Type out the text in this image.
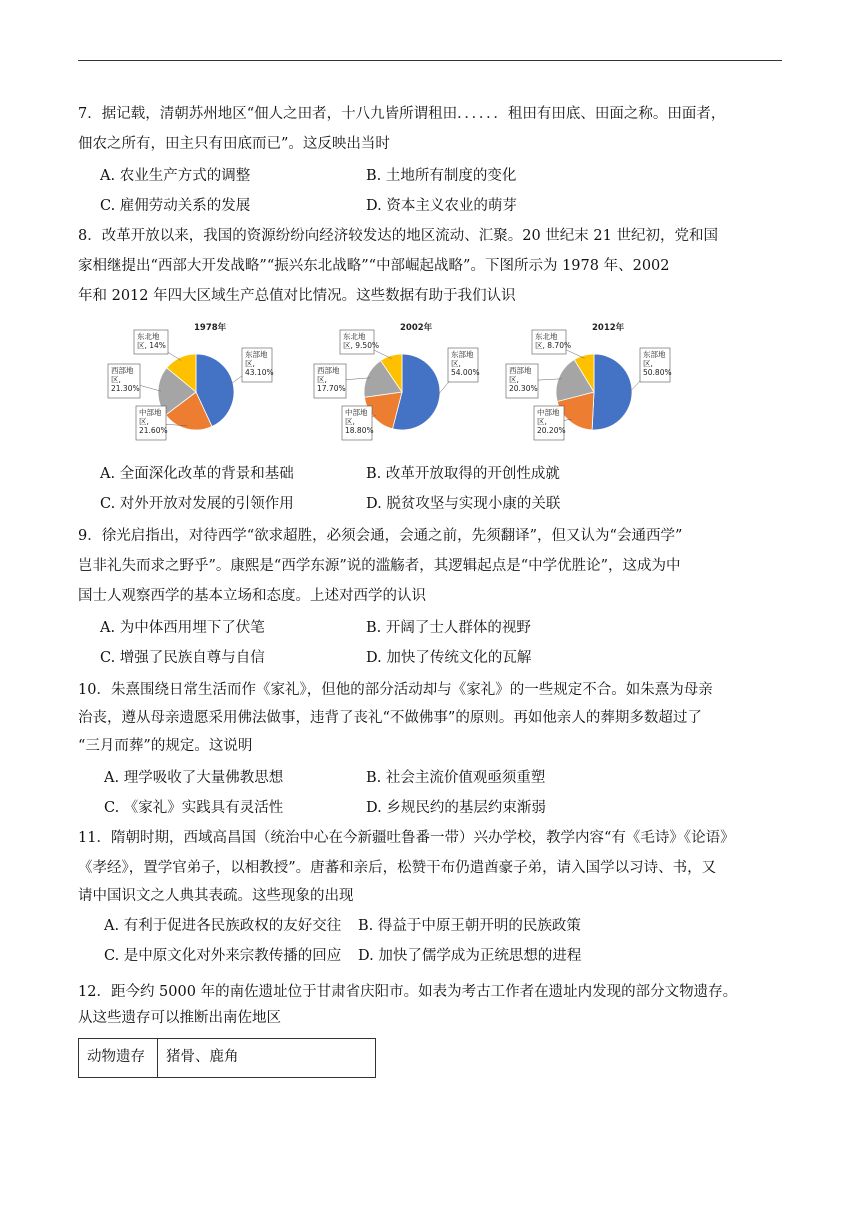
7．据记载，清朝苏州地区“佃人之田者，十八九皆所谓租田．．．．．．租田有田底、田面之称。田面者，
佃农之所有，田主只有田底而已”。这反映出当时
A. 农业生产方式的调整	B. 土地所有制度的变化
C. 雇佣劳动关系的发展	D. 资本主义农业的萌芽
8．改革开放以来，我国的资源纷纷向经济较发达的地区流动、汇聚。20 世纪末 21 世纪初，党和国
家相继提出“西部大开发战略”“振兴东北战略”“中部崛起战略”。下图所示为 1978 年、2002
年和 2012 年四大区域生产总值对比情况。这些数据有助于我们认识
1978年
东部地
区,
43.10%
中部地
区,
21.60%
西部地
区,
21.30%
东北地
区, 14%
2002年
东部地
区,
54.00%
中部地
区,
18.80%
西部地
区,
17.70%
东北地
区, 9.50%
2012年
东部地
区,
50.80%
中部地
区,
20.20%
西部地
区,
20.30%
东北地
区, 8.70%
A. 全面深化改革的背景和基础	B. 改革开放取得的开创性成就
C. 对外开放对发展的引领作用	D. 脱贫攻坚与实现小康的关联
9．徐光启指出，对待西学“欲求超胜，必须会通，会通之前，先须翻译”，但又认为“会通西学”
岂非礼失而求之野乎”。康熙是“西学东源”说的滥觞者，其逻辑起点是“中学优胜论”，这成为中
国士人观察西学的基本立场和态度。上述对西学的认识
A. 为中体西用埋下了伏笔	B. 开阔了士人群体的视野
C. 增强了民族自尊与自信	D. 加快了传统文化的瓦解
10．朱熹围绕日常生活而作《家礼》，但他的部分活动却与《家礼》的一些规定不合。如朱熹为母亲
治丧，遵从母亲遗愿采用佛法做事，违背了丧礼“不做佛事”的原则。再如他亲人的葬期多数超过了
“三月而葬”的规定。这说明
A. 理学吸收了大量佛教思想	B. 社会主流价值观亟须重塑
C. 《家礼》实践具有灵活性	D. 乡规民约的基层约束渐弱
11．隋朝时期，西域高昌国（统治中心在今新疆吐鲁番一带）兴办学校，教学内容“有《毛诗》《论语》
《孝经》，置学官弟子，以相教授”。唐蕃和亲后，松赞干布仍遣酋豪子弟，请入国学以习诗、书，又
请中国识文之人典其表疏。这些现象的出现
A. 有利于促进各民族政权的友好交往 B. 得益于中原王朝开明的民族政策
C. 是中原文化对外来宗教传播的回应 D. 加快了儒学成为正统思想的进程
12．距今约 5000 年的南佐遗址位于甘肃省庆阳市。如表为考古工作者在遗址内发现的部分文物遗存。
从这些遗存可以推断出南佐地区
动物遗存	猪骨、鹿角
